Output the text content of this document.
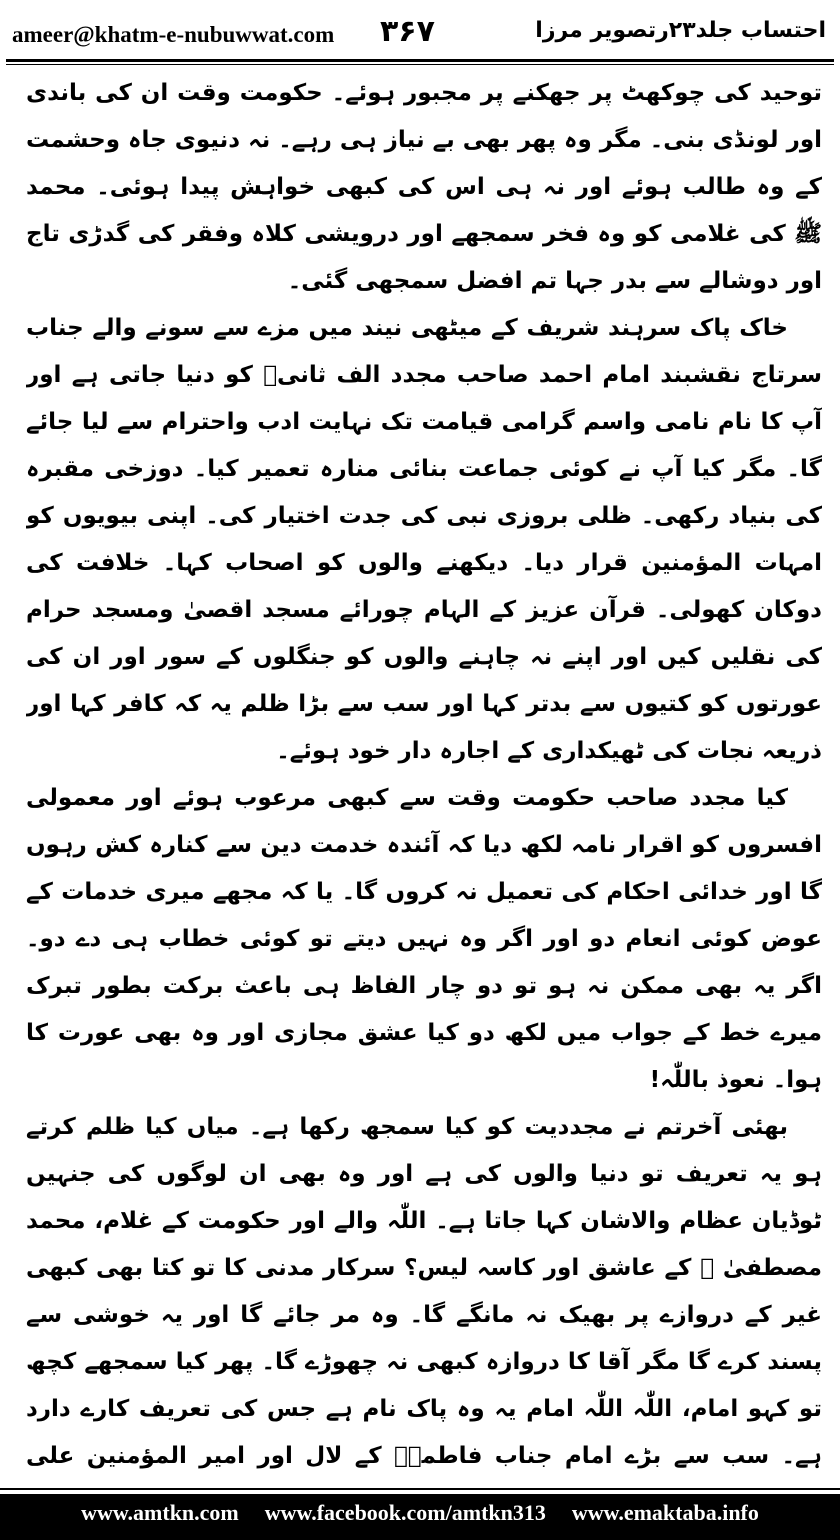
ameer@khatm-e-nubuwwat.com ۳۶۷	احتساب جلد۲۳رتصویر مرزا

توحید کی چوکھٹ پر جھکنے پر مجبور ہوئے۔ حکومت وقت ان کی باندی اور لونڈی بنی۔ مگر وہ پھر بھی بے نیاز ہی رہے۔ نہ دنیوی جاہ وحشمت کے وہ طالب ہوئے اور نہ ہی اس کی کبھی خواہش پیدا ہوئی۔ محمد ﷺ کی غلامی کو وہ فخر سمجھے اور درویشی کلاہ وفقر کی گدڑی تاج اور دوشالے سے بدر جہا تم افضل سمجھی گئی۔

خاک پاک سرہند شریف کے میٹھی نیند میں مزے سے سونے والے جناب سرتاج نقشبند امام احمد صاحب مجدد الف ثانیؒ کو دنیا جاتی ہے اور آپ کا نام نامی واسم گرامی قیامت تک نہایت ادب واحترام سے لیا جائے گا۔ مگر کیا آپ نے کوئی جماعت بنائی منارہ تعمیر کیا۔ دوزخی مقبرہ کی بنیاد رکھی۔ ظلی بروزی نبی کی جدت اختیار کی۔ اپنی بیویوں کو امہات المؤمنین قرار دیا۔ دیکھنے والوں کو اصحاب کہا۔ خلافت کی دوکان کھولی۔ قرآن عزیز کے الہام چورائے مسجد اقصیٰ ومسجد حرام کی نقلیں کیں اور اپنے نہ چاہنے والوں کو جنگلوں کے سور اور ان کی عورتوں کو کتیوں سے بدتر کہا اور سب سے بڑا ظلم یہ کہ کافر کہا اور ذریعہ نجات کی ٹھیکداری کے اجارہ دار خود ہوئے۔

کیا مجدد صاحب حکومت وقت سے کبھی مرعوب ہوئے اور معمولی افسروں کو اقرار نامہ لکھ دیا کہ آئندہ خدمت دین سے کنارہ کش رہوں گا اور خدائی احکام کی تعمیل نہ کروں گا۔ یا کہ مجھے میری خدمات کے عوض کوئی انعام دو اور اگر وہ نہیں دیتے تو کوئی خطاب ہی دے دو۔ اگر یہ بھی ممکن نہ ہو تو دو چار الفاظ ہی باعث برکت بطور تبرک میرے خط کے جواب میں لکھ دو کیا عشق مجازی اور وہ بھی عورت کا ہوا۔ نعوذ باللّٰہ!

بھئی آخرتم نے مجددیت کو کیا سمجھ رکھا ہے۔ میاں کیا ظلم کرتے ہو یہ تعریف تو دنیا والوں کی ہے اور وہ بھی ان لوگوں کی جنہیں ٹوڈیان عظام والاشان کہا جاتا ہے۔ اللّٰہ والے اور حکومت کے غلام، محمد مصطفیٰ ﷺ کے عاشق اور کاسہ لیس؟ سرکار مدنی کا تو کتا بھی کبھی غیر کے دروازے پر بھیک نہ مانگے گا۔ وہ مر جائے گا اور یہ خوشی سے پسند کرے گا مگر آقا کا دروازہ کبھی نہ چھوڑے گا۔ پھر کیا سمجھے کچھ تو کہو امام، اللّٰہ اللّٰہ امام یہ وہ پاک نام ہے جس کی تعریف کارے دارد ہے۔ سب سے بڑے امام جناب فاطمہؓ کے لال اور امیر المؤمنین علی

www.amtkn.com www.facebook.com/amtkn313 www.emaktaba.info
